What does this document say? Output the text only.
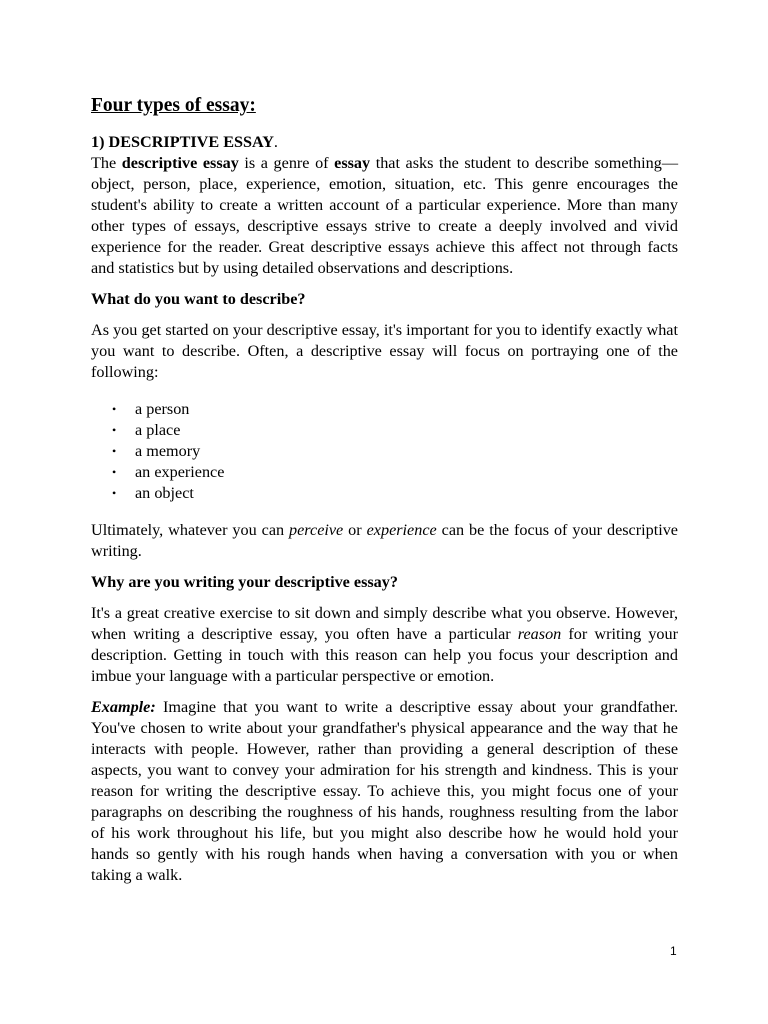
Four types of essay:
1) DESCRIPTIVE ESSAY.

The descriptive essay is a genre of essay that asks the student to describe something—object, person, place, experience, emotion, situation, etc. This genre encourages the student's ability to create a written account of a particular experience. More than many other types of essays, descriptive essays strive to create a deeply involved and vivid experience for the reader. Great descriptive essays achieve this affect not through facts and statistics but by using detailed observations and descriptions.

What do you want to describe?

As you get started on your descriptive essay, it's important for you to identify exactly what you want to describe. Often, a descriptive essay will focus on portraying one of the following:

• a person
• a place
• a memory
• an experience
• an object

Ultimately, whatever you can perceive or experience can be the focus of your descriptive writing.

Why are you writing your descriptive essay?

It's a great creative exercise to sit down and simply describe what you observe. However, when writing a descriptive essay, you often have a particular reason for writing your description. Getting in touch with this reason can help you focus your description and imbue your language with a particular perspective or emotion.

Example: Imagine that you want to write a descriptive essay about your grandfather. You've chosen to write about your grandfather's physical appearance and the way that he interacts with people. However, rather than providing a general description of these aspects, you want to convey your admiration for his strength and kindness. This is your reason for writing the descriptive essay. To achieve this, you might focus one of your paragraphs on describing the roughness of his hands, roughness resulting from the labor of his work throughout his life, but you might also describe how he would hold your hands so gently with his rough hands when having a conversation with you or when taking a walk.

1
